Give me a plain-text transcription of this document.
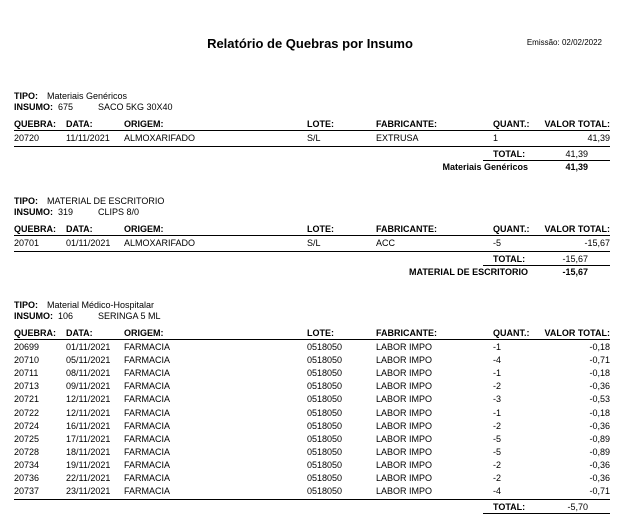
Relatório de Quebras por Insumo	Emissão: 02/02/2022
TIPO: Materiais Genéricos
INSUMO: 675	SACO 5KG 30X40
QUEBRA: DATA:	ORIGEM:	LOTE:	FABRICANTE:	QUANT.: VALOR TOTAL:
20720	11/11/2021 ALMOXARIFADO	S/L	EXTRUSA	1	41,39
TOTAL:	41,39
Materiais Genéricos	41,39
TIPO: MATERIAL DE ESCRITORIO
INSUMO: 319	CLIPS 8/0
QUEBRA: DATA:	ORIGEM:	LOTE:	FABRICANTE:	QUANT.: VALOR TOTAL:
20701	01/11/2021 ALMOXARIFADO	S/L	ACC	-5	-15,67
TOTAL:	-15,67
MATERIAL DE ESCRITORIO	-15,67
TIPO: Material Médico-Hospitalar
INSUMO: 106	SERINGA 5 ML
QUEBRA: DATA:	ORIGEM:	LOTE:	FABRICANTE:	QUANT.: VALOR TOTAL:
20699	01/11/2021 FARMACIA	0518050	LABOR IMPO	-1	-0,18
20710	05/11/2021 FARMACIA	0518050	LABOR IMPO	-4	-0,71
20711	08/11/2021 FARMACIA	0518050	LABOR IMPO	-1	-0,18
20713	09/11/2021 FARMACIA	0518050	LABOR IMPO	-2	-0,36
20721	12/11/2021 FARMACIA	0518050	LABOR IMPO	-3	-0,53
20722	12/11/2021 FARMACIA	0518050	LABOR IMPO	-1	-0,18
20724	16/11/2021 FARMACIA	0518050	LABOR IMPO	-2	-0,36
20725	17/11/2021 FARMACIA	0518050	LABOR IMPO	-5	-0,89
20728	18/11/2021 FARMACIA	0518050	LABOR IMPO	-5	-0,89
20734	19/11/2021 FARMACIA	0518050	LABOR IMPO	-2	-0,36
20736	22/11/2021 FARMACIA	0518050	LABOR IMPO	-2	-0,36
20737	23/11/2021 FARMACIA	0518050	LABOR IMPO	-4	-0,71
TOTAL:	-5,70
